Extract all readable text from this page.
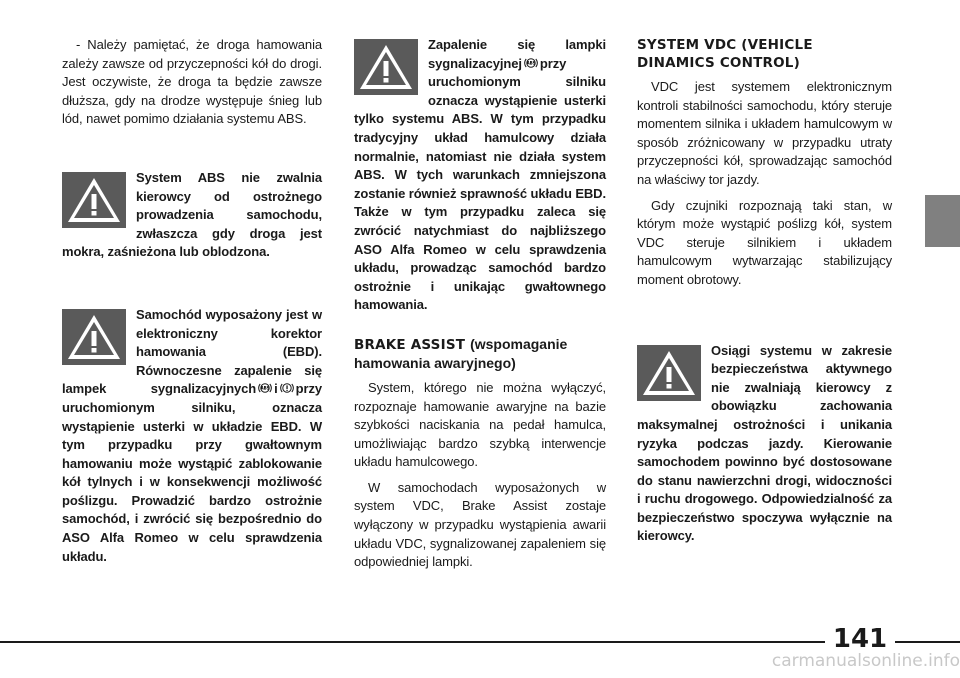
- Należy pamiętać, że droga hamowania zależy zawsze od przyczepności kół do drogi. Jest oczywiste, że droga ta będzie zawsze dłuższa, gdy na drodze występuje śnieg lub lód, nawet pomimo działania systemu ABS.

System ABS nie zwalnia kierowcy od ostrożnego prowadzenia samochodu, zwłaszcza gdy droga jest mokra, zaśnieżona lub oblodzona.

Samochód wyposażony jest w elektroniczny korektor hamowania (EBD). Równoczesne zapalenie się lampek sygnalizacyjnych ABS i przy uruchomionym silniku, oznacza wystąpienie usterki w układzie EBD. W tym przypadku przy gwałtownym hamowaniu może wystąpić zablokowanie kół tylnych i w konsekwencji możliwość poślizgu. Prowadzić bardzo ostrożnie samochód, i zwrócić się bezpośrednio do ASO Alfa Romeo w celu sprawdzenia układu.

Zapalenie się lampki sygnalizacyjnej ABS przy uruchomionym silniku oznacza wystąpienie usterki tylko systemu ABS. W tym przypadku tradycyjny układ hamulcowy działa normalnie, natomiast nie działa system ABS. W tych warunkach zmniejszona zostanie również sprawność układu EBD. Także w tym przypadku zaleca się zwrócić natychmiast do najbliższego ASO Alfa Romeo w celu sprawdzenia układu, prowadząc samochód bardzo ostrożnie i unikając gwałtownego hamowania.

BRAKE ASSIST (wspomaganie hamowania awaryjnego)

System, którego nie można wyłączyć, rozpoznaje hamowanie awaryjne na bazie szybkości naciskania na pedał hamulca, umożliwiając bardzo szybką interwencje układu hamulcowego.

W samochodach wyposażonych w system VDC, Brake Assist zostaje wyłączony w przypadku wystąpienia awarii układu VDC, sygnalizowanej zapaleniem się odpowiedniej lampki.

SYSTEM VDC (VEHICLE DINAMICS CONTROL)

VDC jest systemem elektronicznym kontroli stabilności samochodu, który steruje momentem silnika i układem hamulcowym w sposób zróżnicowany w przypadku utraty przyczepności kół, sprowadzając samochód na właściwy tor jazdy.

Gdy czujniki rozpoznają taki stan, w którym może wystąpić poślizg kół, system VDC steruje silnikiem i układem hamulcowym wytwarzając stabilizujący moment obrotowy.

Osiągi systemu w zakresie bezpieczeństwa aktywnego nie zwalniają kierowcy z obowiązku zachowania maksymalnej ostrożności i unikania ryzyka podczas jazdy. Kierowanie samochodem powinno być dostosowane do stanu nawierzchni drogi, widoczności i ruchu drogowego. Odpowiedzialność za bezpieczeństwo spoczywa wyłącznie na kierowcy.

141
carmanualsonline.info
